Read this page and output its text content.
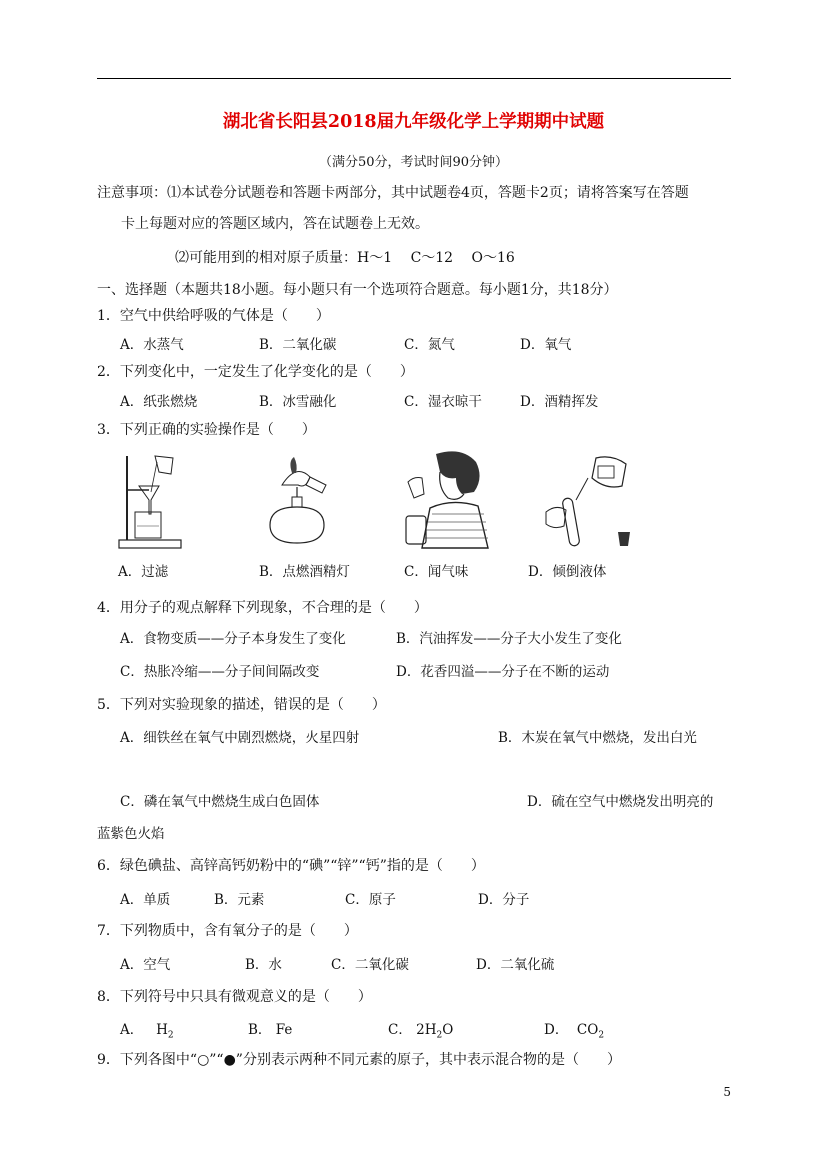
湖北省长阳县2018届九年级化学上学期期中试题
（满分50分，考试时间90分钟）
注意事项：⑴本试卷分试题卷和答题卡两部分，其中试题卷4页，答题卡2页；请将答案写在答题
卡上每题对应的答题区域内，答在试题卷上无效。
⑵可能用到的相对原子质量：H～1　 C～12　 O～16
一、选择题（本题共18小题。每小题只有一个选项符合题意。每小题1分，共18分）
1．空气中供给呼吸的气体是（　　）
A．水蒸气	B．二氧化碳	C．氮气	D．氧气
2．下列变化中，一定发生了化学变化的是（　　）
A．纸张燃烧	B．冰雪融化	C．湿衣晾干	D．酒精挥发
3．下列正确的实验操作是（　　）
A．过滤	B．点燃酒精灯	C．闻气味	D．倾倒液体
4．用分子的观点解释下列现象，不合理的是（　　）
A．食物变质——分子本身发生了变化	B．汽油挥发——分子大小发生了变化
C．热胀冷缩——分子间间隔改变	D．花香四溢——分子在不断的运动
5．下列对实验现象的描述，错误的是（　　）
A．细铁丝在氧气中剧烈燃烧，火星四射	B．木炭在氧气中燃烧，发出白光
C．磷在氧气中燃烧生成白色固体	D．硫在空气中燃烧发出明亮的
蓝紫色火焰
6．绿色碘盐、高锌高钙奶粉中的“碘”“锌”“钙”指的是（　　）
A．单质	B．元素	C．原子	D．分子
7．下列物质中，含有氧分子的是（　　）
A．空气	B．水	C．二氧化碳	D．二氧化硫
8．下列符号中只具有微观意义的是（　　）
A． $H_2$	B． Fe	C． $2H_2O$	D． $CO_2$
9．下列各图中“○”“●”分别表示两种不同元素的原子，其中表示混合物的是（　　）
5
